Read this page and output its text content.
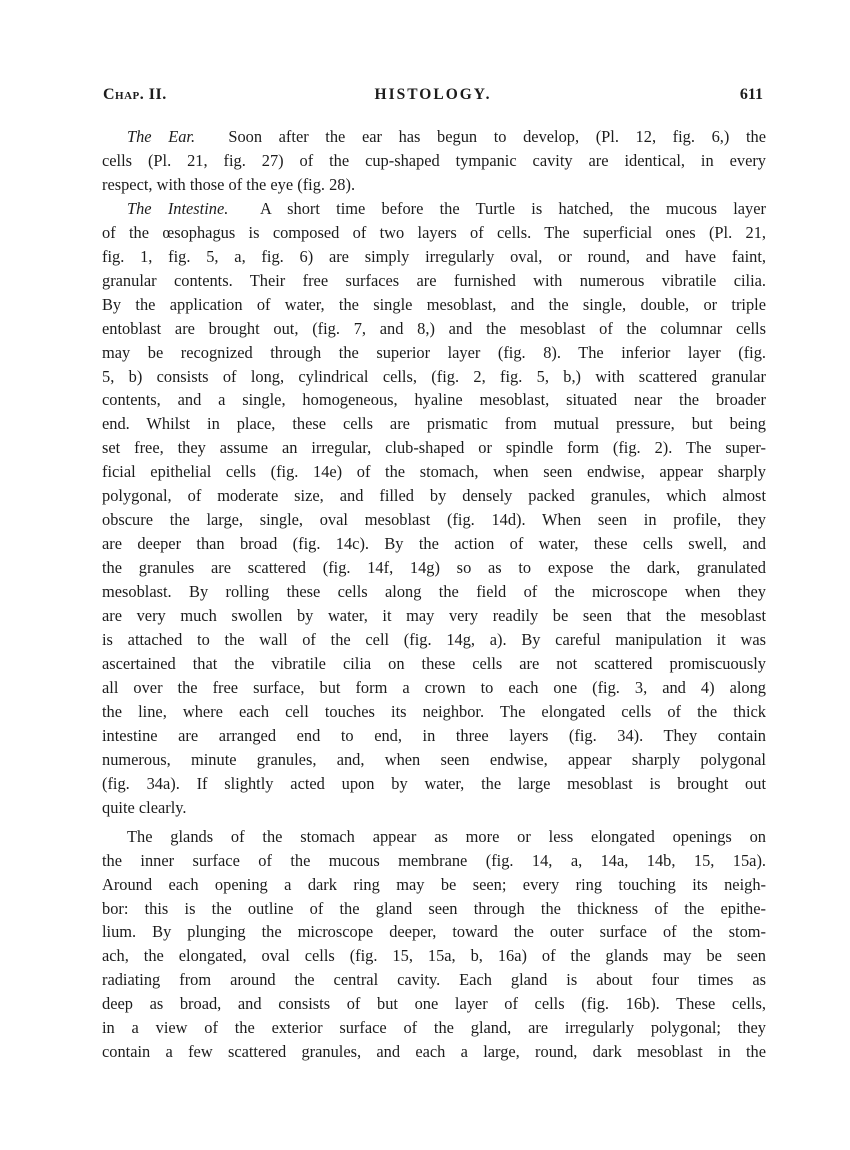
Chap. II.	HISTOLOGY.	611
The Ear. Soon after the ear has begun to develop, (Pl. 12, fig. 6,) the
cells (Pl. 21, fig. 27) of the cup-shaped tympanic cavity are identical, in every
respect, with those of the eye (fig. 28).
The Intestine. A short time before the Turtle is hatched, the mucous layer
of the œsophagus is composed of two layers of cells. The superficial ones (Pl. 21,
fig. 1, fig. 5, a, fig. 6) are simply irregularly oval, or round, and have faint,
granular contents. Their free surfaces are furnished with numerous vibratile cilia.
By the application of water, the single mesoblast, and the single, double, or triple
entoblast are brought out, (fig. 7, and 8,) and the mesoblast of the columnar cells
may be recognized through the superior layer (fig. 8). The inferior layer (fig.
5, b) consists of long, cylindrical cells, (fig. 2, fig. 5, b,) with scattered granular
contents, and a single, homogeneous, hyaline mesoblast, situated near the broader
end. Whilst in place, these cells are prismatic from mutual pressure, but being
set free, they assume an irregular, club-shaped or spindle form (fig. 2). The super-
ficial epithelial cells (fig. 14e) of the stomach, when seen endwise, appear sharply
polygonal, of moderate size, and filled by densely packed granules, which almost
obscure the large, single, oval mesoblast (fig. 14d). When seen in profile, they
are deeper than broad (fig. 14c). By the action of water, these cells swell, and
the granules are scattered (fig. 14f, 14g) so as to expose the dark, granulated
mesoblast. By rolling these cells along the field of the microscope when they
are very much swollen by water, it may very readily be seen that the mesoblast
is attached to the wall of the cell (fig. 14g, a). By careful manipulation it was
ascertained that the vibratile cilia on these cells are not scattered promiscuously
all over the free surface, but form a crown to each one (fig. 3, and 4) along
the line, where each cell touches its neighbor. The elongated cells of the thick
intestine are arranged end to end, in three layers (fig. 34). They contain
numerous, minute granules, and, when seen endwise, appear sharply polygonal
(fig. 34a). If slightly acted upon by water, the large mesoblast is brought out
quite clearly.
The glands of the stomach appear as more or less elongated openings on
the inner surface of the mucous membrane (fig. 14, a, 14a, 14b, 15, 15a).
Around each opening a dark ring may be seen; every ring touching its neigh-
bor: this is the outline of the gland seen through the thickness of the epithe-
lium. By plunging the microscope deeper, toward the outer surface of the stom-
ach, the elongated, oval cells (fig. 15, 15a, b, 16a) of the glands may be seen
radiating from around the central cavity. Each gland is about four times as
deep as broad, and consists of but one layer of cells (fig. 16b). These cells,
in a view of the exterior surface of the gland, are irregularly polygonal; they
contain a few scattered granules, and each a large, round, dark mesoblast in the
